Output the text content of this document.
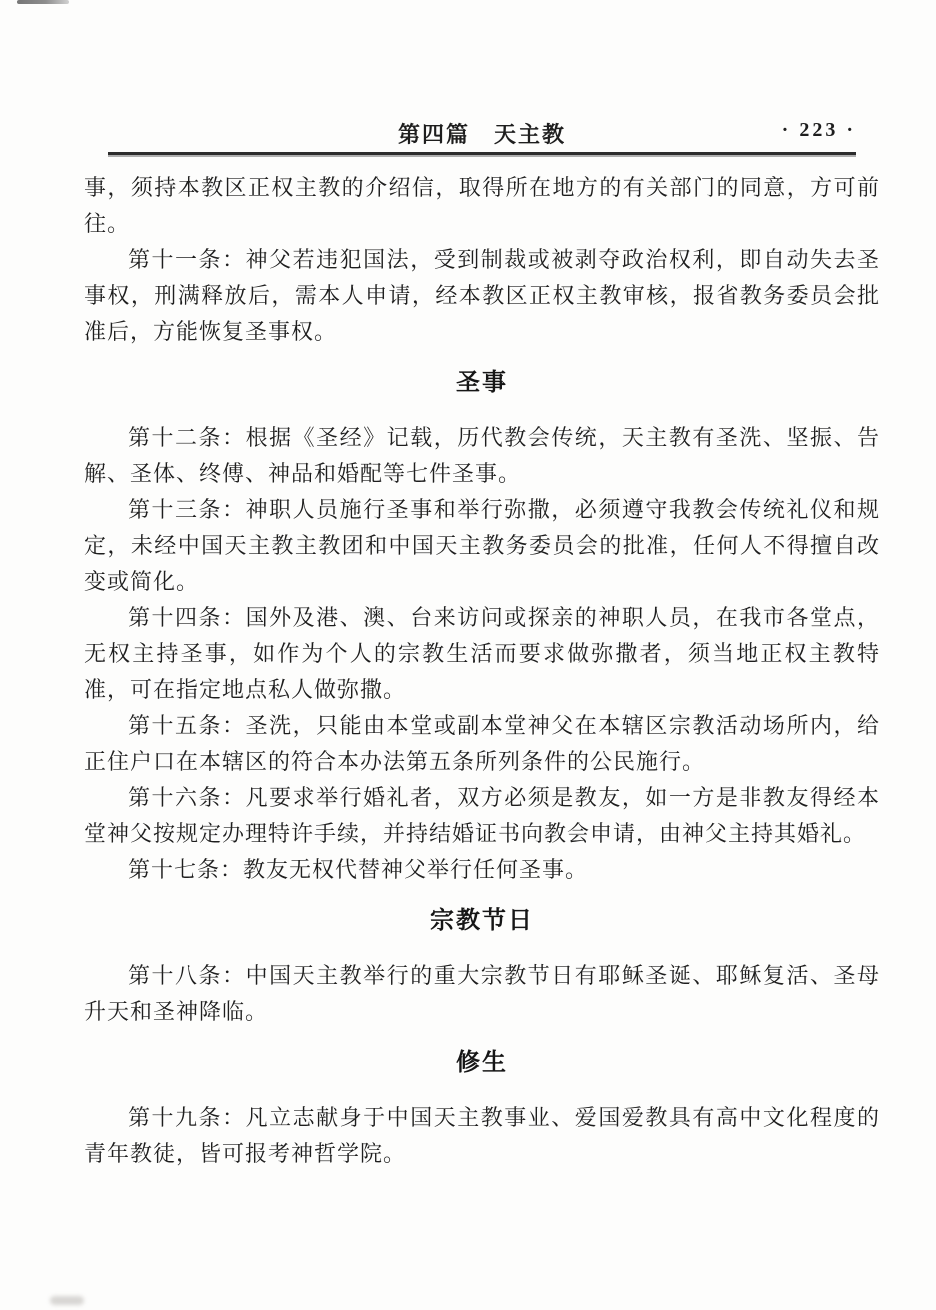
第四篇　天主教	· 223 ·

事，须持本教区正权主教的介绍信，取得所在地方的有关部门的同意，方可前往。

第十一条：神父若违犯国法，受到制裁或被剥夺政治权利，即自动失去圣事权，刑满释放后，需本人申请，经本教区正权主教审核，报省教务委员会批准后，方能恢复圣事权。

圣事

第十二条：根据《圣经》记载，历代教会传统，天主教有圣洗、坚振、告解、圣体、终傅、神品和婚配等七件圣事。

第十三条：神职人员施行圣事和举行弥撒，必须遵守我教会传统礼仪和规定，未经中国天主教主教团和中国天主教务委员会的批准，任何人不得擅自改变或简化。

第十四条：国外及港、澳、台来访问或探亲的神职人员，在我市各堂点，无权主持圣事，如作为个人的宗教生活而要求做弥撒者，须当地正权主教特准，可在指定地点私人做弥撒。

第十五条：圣洗，只能由本堂或副本堂神父在本辖区宗教活动场所内，给正住户口在本辖区的符合本办法第五条所列条件的公民施行。

第十六条：凡要求举行婚礼者，双方必须是教友，如一方是非教友得经本堂神父按规定办理特许手续，并持结婚证书向教会申请，由神父主持其婚礼。

第十七条：教友无权代替神父举行任何圣事。

宗教节日

第十八条：中国天主教举行的重大宗教节日有耶稣圣诞、耶稣复活、圣母升天和圣神降临。

修生

第十九条：凡立志献身于中国天主教事业、爱国爱教具有高中文化程度的青年教徒，皆可报考神哲学院。
